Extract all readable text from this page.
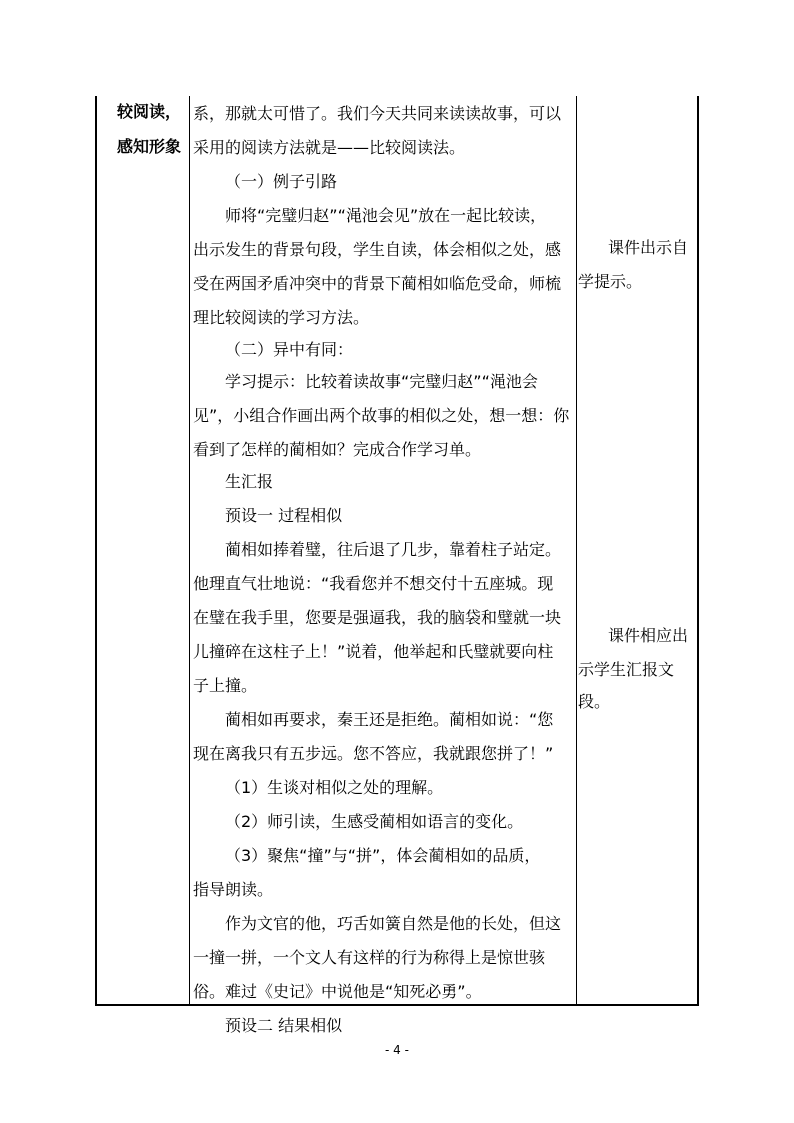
较阅读，
感知形象

系，那就太可惜了。我们今天共同来读读故事，可以

采用的阅读方法就是——比较阅读法。

（一）例子引路

师将“完璧归赵”“渑池会见”放在一起比较读，

出示发生的背景句段，学生自读，体会相似之处，感

受在两国矛盾冲突中的背景下蔺相如临危受命，师梳

理比较阅读的学习方法。

（二）异中有同：

学习提示：比较着读故事“完璧归赵”“渑池会

见”，小组合作画出两个故事的相似之处，想一想：你

看到了怎样的蔺相如？完成合作学习单。

生汇报

预设一 过程相似

蔺相如捧着璧，往后退了几步，靠着柱子站定。

他理直气壮地说：“我看您并不想交付十五座城。现

在璧在我手里，您要是强逼我，我的脑袋和璧就一块

儿撞碎在这柱子上！”说着，他举起和氏璧就要向柱

子上撞。

蔺相如再要求，秦王还是拒绝。蔺相如说：“您

现在离我只有五步远。您不答应，我就跟您拼了！”

（1）生谈对相似之处的理解。

（2）师引读，生感受蔺相如语言的变化。

（3）聚焦“撞”与“拼”，体会蔺相如的品质，

指导朗读。

作为文官的他，巧舌如簧自然是他的长处，但这

一撞一拼，一个文人有这样的行为称得上是惊世骇

俗。难过《史记》中说他是“知死必勇”。

预设二 结果相似

课件出示自

学提示。

课件相应出

示学生汇报文

段。

- 4 -
